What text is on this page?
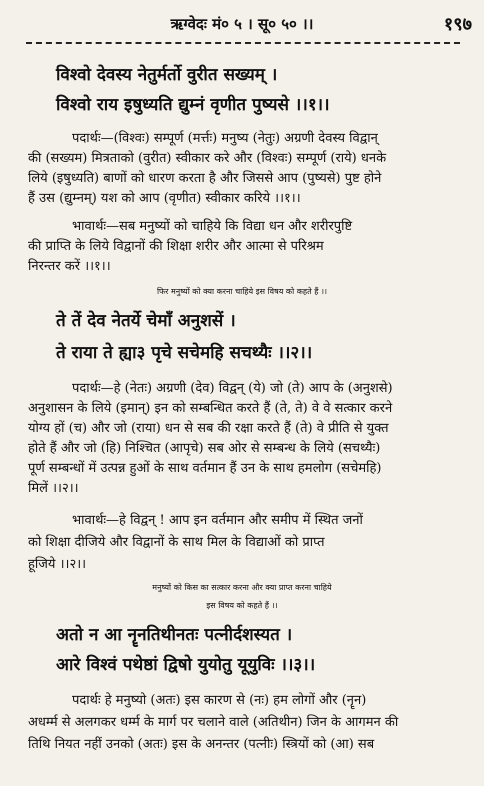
ऋग्वेदः मं० ५ । सू० ५० ।।	१९७
विश्वो देवस्य नेतुर्मर्तो वुरीत सख्यम् ।
विश्वो राय इषुध्यति द्युम्नं वृणीत पुष्यसे ।।१।।
पदार्थः—(विश्वः) सम्पूर्ण (मर्त्तः) मनुष्य (नेतुः) अग्रणी देवस्य विद्वान्
की (सख्यम) मित्रताको (वुरीत) स्वीकार करे और (विश्वः) सम्पूर्ण (राये) धनके
लिये (इषुध्यति) बाणों को धारण करता है और जिससे आप (पुष्यसे) पुष्ट होने
हैं उस (द्युम्नम्) यश को आप (वृणीत) स्वीकार करिये ।।१।।
भावार्थः—सब मनुष्यों को चाहिये कि विद्या धन और शरीरपुष्टि
की प्राप्ति के लिये विद्वानों की शिक्षा शरीर और आत्मा से परिश्रम
निरन्तर करें ।।१।।
फिर मनुष्यों को क्या करना चाहिये इस विषय को कहते हैं ।।
ते तें देव नेतर्ये चेमाँ अनुशसें ।
ते राया ते ह्या३ पृचे सचेमहि सचथ्यैः ।।२।।
पदार्थः—हे (नेतः) अग्रणी (देव) विद्वन् (ये) जो (ते) आप के (अनुशसे)
अनुशासन के लिये (इमान्) इन को सम्बन्धित करते हैं (ते, ते) वे वे सत्कार करने
योग्य हों (च) और जो (राया) धन से सब की रक्षा करते हैं (ते) वे प्रीति से युक्त
होते हैं और जो (हि) निश्चित (आपृचे) सब ओर से सम्बन्ध के लिये (सचथ्यैः)
पूर्ण सम्बन्धों में उत्पन्न हुओं के साथ वर्तमान हैं उन के साथ हमलोग (सचेमहि)
मिलें ।।२।।
भावार्थः—हे विद्वन् ! आप इन वर्तमान और समीप में स्थित जनों
को शिक्षा दीजिये और विद्वानों के साथ मिल के विद्याओं को प्राप्त
हूजिये ।।२।।
मनुष्यों को किस का सत्कार करना और क्या प्राप्त करना चाहिये
इस विषय को कहते हैं ।।
अतो न आ नॄनतिथीनतः पत्नीर्दशस्यत ।
आरे विश्वं पथेष्ठां द्विषो युयोतु यूयुविः ।।३।।
पदार्थः हे मनुष्यो (अतः) इस कारण से (नः) हम लोगों और (नॄन)
अधर्म्म से अलगकर धर्म्म के मार्ग पर चलाने वाले (अतिथीन) जिन के आगमन की
तिथि नियत नहीं उनको (अतः) इस के अनन्तर (पत्नीः) स्त्रियों को (आ) सब
